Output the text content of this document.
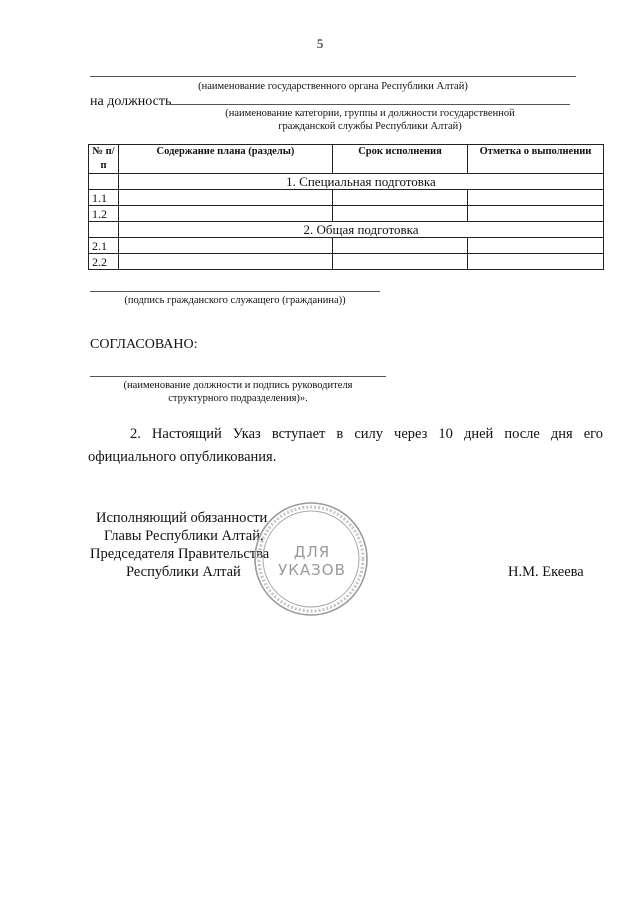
5
(наименование государственного органа Республики Алтай)
на должность
(наименование категории, группы и должности государственной
гражданской службы Республики Алтай)
№ п/п	Содержание плана (разделы)	Срок исполнения	Отметка о выполнении
	1. Специальная подготовка		
1.1			
1.2			
	2. Общая подготовка		
2.1			
2.2			
(подпись гражданского служащего (гражданина))
СОГЛАСОВАНО:
(наименование должности и подпись руководителя
структурного подразделения)».
2. Настоящий Указ вступает в силу через 10 дней после дня его
официального опубликования.
Исполняющий обязанности
Главы Республики Алтай,
Председателя Правительства
Республики Алтай	Н.М. Екеева
ДЛЯ
УКАЗОВ
